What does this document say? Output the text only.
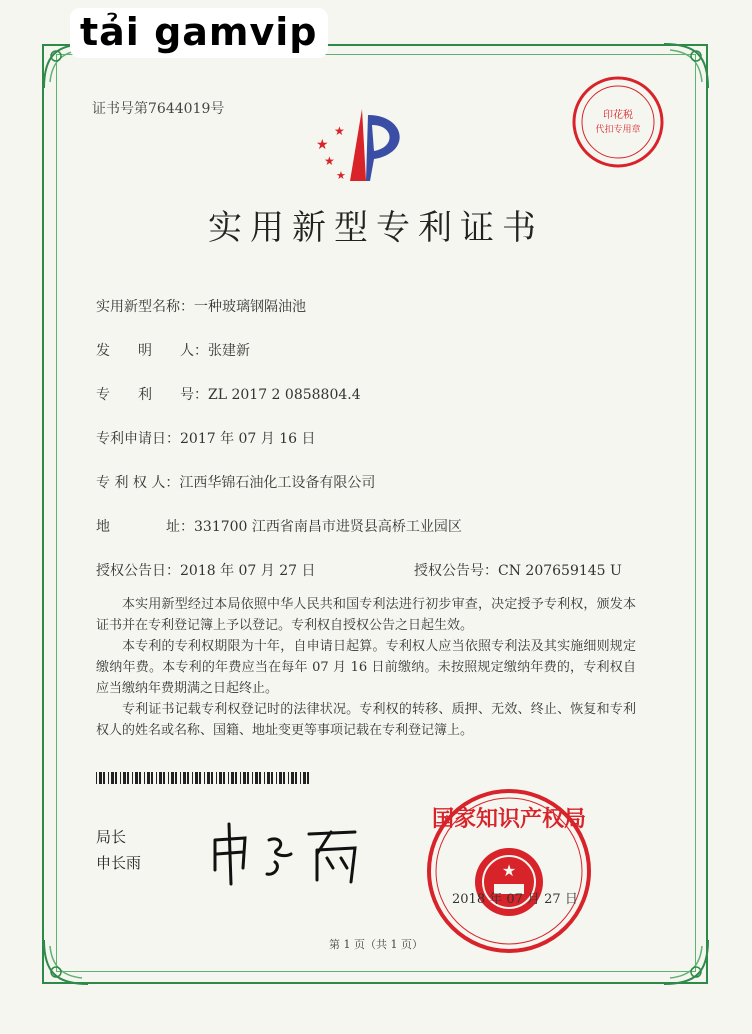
tải gamvip
证书号第7644019号	印花税
代扣专用章
★
★
★
★
实用新型专利证书
实用新型名称：一种玻璃钢隔油池
发　　明　　人：张建新
专　　利　　号：ZL 2017 2 0858804.4
专利申请日：2017 年 07 月 16 日
专 利 权 人：江西华锦石油化工设备有限公司
地　　　　址：331700 江西省南昌市进贤县高桥工业园区
授权公告日：2018 年 07 月 27 日	授权公告号：CN 207659145 U

本实用新型经过本局依照中华人民共和国专利法进行初步审查，决定授予专利权，颁发本证书并在专利登记簿上予以登记。专利权自授权公告之日起生效。

本专利的专利权期限为十年，自申请日起算。专利权人应当依照专利法及其实施细则规定缴纳年费。本专利的年费应当在每年 07 月 16 日前缴纳。未按照规定缴纳年费的，专利权自应当缴纳年费期满之日起终止。

专利证书记载专利权登记时的法律状况。专利权的转移、质押、无效、终止、恢复和专利权人的姓名或名称、国籍、地址变更等事项记载在专利登记簿上。

局长
申长雨
国家知识产权局
★
2018 年 07 月 27 日
第 1 页（共 1 页）
